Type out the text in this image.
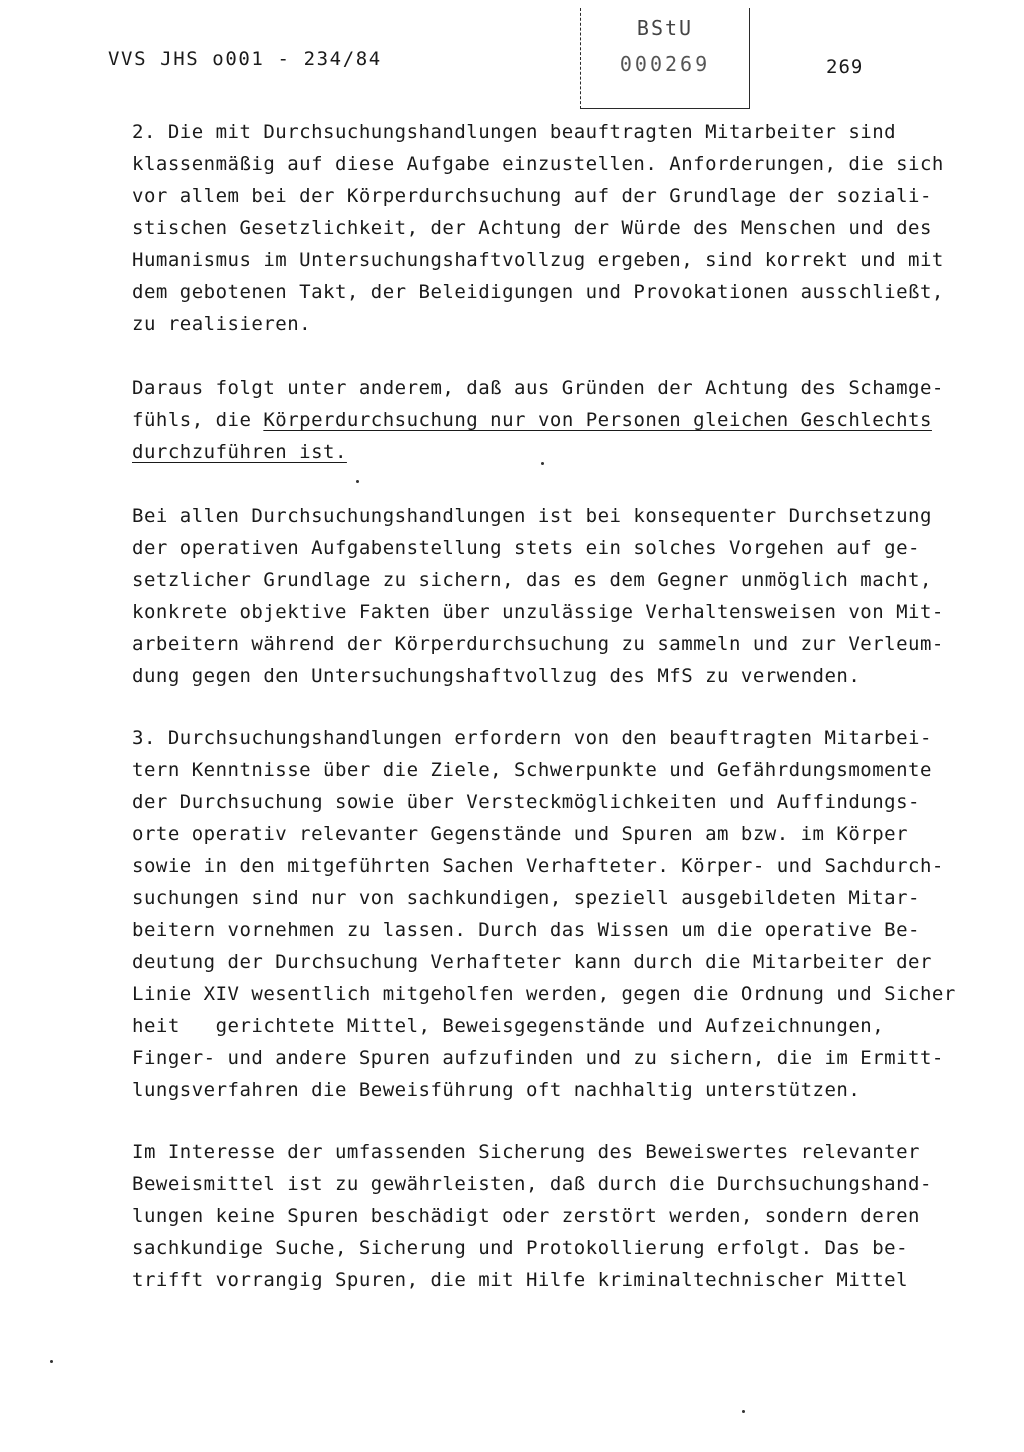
VVS JHS o001 - 234/84
BStU
000269	269
2. Die mit Durchsuchungshandlungen beauftragten Mitarbeiter sind
klassenmäßig auf diese Aufgabe einzustellen. Anforderungen, die sich
vor allem bei der Körperdurchsuchung auf der Grundlage der soziali-
stischen Gesetzlichkeit, der Achtung der Würde des Menschen und des
Humanismus im Untersuchungshaftvollzug ergeben, sind korrekt und mit
dem gebotenen Takt, der Beleidigungen und Provokationen ausschließt,
zu realisieren.
Daraus folgt unter anderem, daß aus Gründen der Achtung des Schamge-
fühls, die Körperdurchsuchung nur von Personen gleichen Geschlechts
durchzuführen ist.
Bei allen Durchsuchungshandlungen ist bei konsequenter Durchsetzung
der operativen Aufgabenstellung stets ein solches Vorgehen auf ge-
setzlicher Grundlage zu sichern, das es dem Gegner unmöglich macht,
konkrete objektive Fakten über unzulässige Verhaltensweisen von Mit-
arbeitern während der Körperdurchsuchung zu sammeln und zur Verleum-
dung gegen den Untersuchungshaftvollzug des MfS zu verwenden.
3. Durchsuchungshandlungen erfordern von den beauftragten Mitarbei-
tern Kenntnisse über die Ziele, Schwerpunkte und Gefährdungsmomente
der Durchsuchung sowie über Versteckmöglichkeiten und Auffindungs-
orte operativ relevanter Gegenstände und Spuren am bzw. im Körper
sowie in den mitgeführten Sachen Verhafteter. Körper- und Sachdurch-
suchungen sind nur von sachkundigen, speziell ausgebildeten Mitar-
beitern vornehmen zu lassen. Durch das Wissen um die operative Be-
deutung der Durchsuchung Verhafteter kann durch die Mitarbeiter der
Linie XIV wesentlich mitgeholfen werden, gegen die Ordnung und Sicher
heit   gerichtete Mittel, Beweisgegenstände und Aufzeichnungen,
Finger- und andere Spuren aufzufinden und zu sichern, die im Ermitt-
lungsverfahren die Beweisführung oft nachhaltig unterstützen.
Im Interesse der umfassenden Sicherung des Beweiswertes relevanter
Beweismittel ist zu gewährleisten, daß durch die Durchsuchungshand-
lungen keine Spuren beschädigt oder zerstört werden, sondern deren
sachkundige Suche, Sicherung und Protokollierung erfolgt. Das be-
trifft vorrangig Spuren, die mit Hilfe kriminaltechnischer Mittel
